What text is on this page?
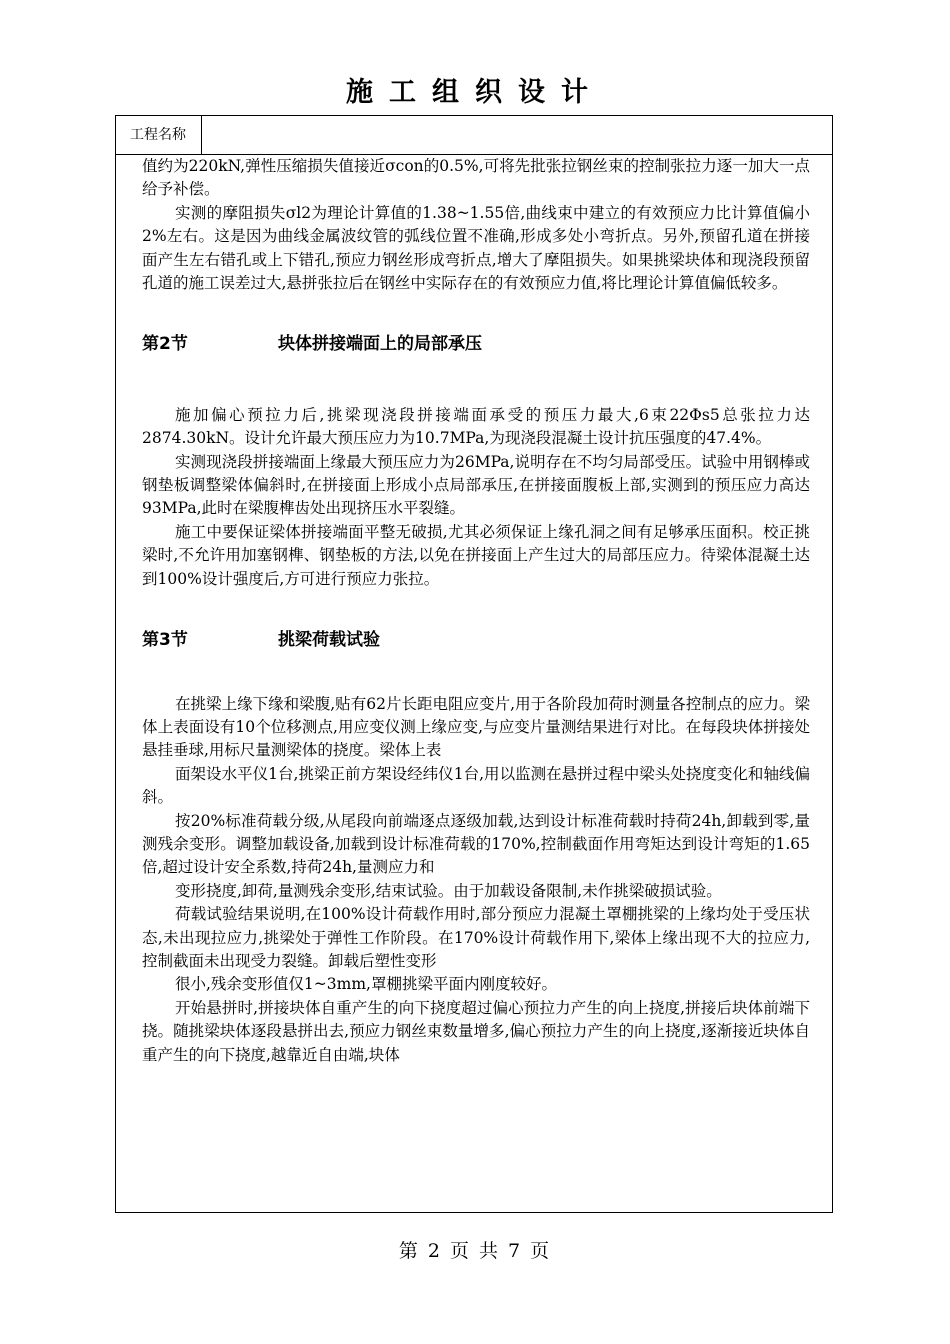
施工组织设计
工程名称

值约为220kN,弹性压缩损失值接近σcon的0.5%,可将先批张拉钢丝束的控制张拉力逐一加大一点给予补偿。

实测的摩阻损失σl2为理论计算值的1.38~1.55倍,曲线束中建立的有效预应力比计算值偏小2%左右。这是因为曲线金属波纹管的弧线位置不准确,形成多处小弯折点。另外,预留孔道在拼接面产生左右错孔或上下错孔,预应力钢丝形成弯折点,增大了摩阻损失。如果挑梁块体和现浇段预留孔道的施工误差过大,悬拼张拉后在钢丝中实际存在的有效预应力值,将比理论计算值偏低较多。

第2节	块体拼接端面上的局部承压

施加偏心预拉力后,挑梁现浇段拼接端面承受的预压力最大,6束22Φs5总张拉力达2874.30kN。设计允许最大预压应力为10.7MPa,为现浇段混凝土设计抗压强度的47.4%。

实测现浇段拼接端面上缘最大预压应力为26MPa,说明存在不均匀局部受压。试验中用钢棒或钢垫板调整梁体偏斜时,在拼接面上形成小点局部承压,在拼接面腹板上部,实测到的预压应力高达93MPa,此时在梁腹榫齿处出现挤压水平裂缝。

施工中要保证梁体拼接端面平整无破损,尤其必须保证上缘孔洞之间有足够承压面积。校正挑梁时,不允许用加塞钢榫、钢垫板的方法,以免在拼接面上产生过大的局部压应力。待梁体混凝土达到100%设计强度后,方可进行预应力张拉。

第3节	挑梁荷载试验

在挑梁上缘下缘和梁腹,贴有62片长距电阻应变片,用于各阶段加荷时测量各控制点的应力。梁体上表面设有10个位移测点,用应变仪测上缘应变,与应变片量测结果进行对比。在每段块体拼接处悬挂垂球,用标尺量测梁体的挠度。梁体上表

面架设水平仪1台,挑梁正前方架设经纬仪1台,用以监测在悬拼过程中梁头处挠度变化和轴线偏斜。

按20%标准荷载分级,从尾段向前端逐点逐级加载,达到设计标准荷载时持荷24h,卸载到零,量测残余变形。调整加载设备,加载到设计标准荷载的170%,控制截面作用弯矩达到设计弯矩的1.65倍,超过设计安全系数,持荷24h,量测应力和

变形挠度,卸荷,量测残余变形,结束试验。由于加载设备限制,未作挑梁破损试验。

荷载试验结果说明,在100%设计荷载作用时,部分预应力混凝土罩棚挑梁的上缘均处于受压状态,未出现拉应力,挑梁处于弹性工作阶段。在170%设计荷载作用下,梁体上缘出现不大的拉应力,控制截面未出现受力裂缝。卸载后塑性变形

很小,残余变形值仅1~3mm,罩棚挑梁平面内刚度较好。

开始悬拼时,拼接块体自重产生的向下挠度超过偏心预拉力产生的向上挠度,拼接后块体前端下挠。随挑梁块体逐段悬拼出去,预应力钢丝束数量增多,偏心预拉力产生的向上挠度,逐渐接近块体自重产生的向下挠度,越靠近自由端,块体

第 2 页 共 7 页
